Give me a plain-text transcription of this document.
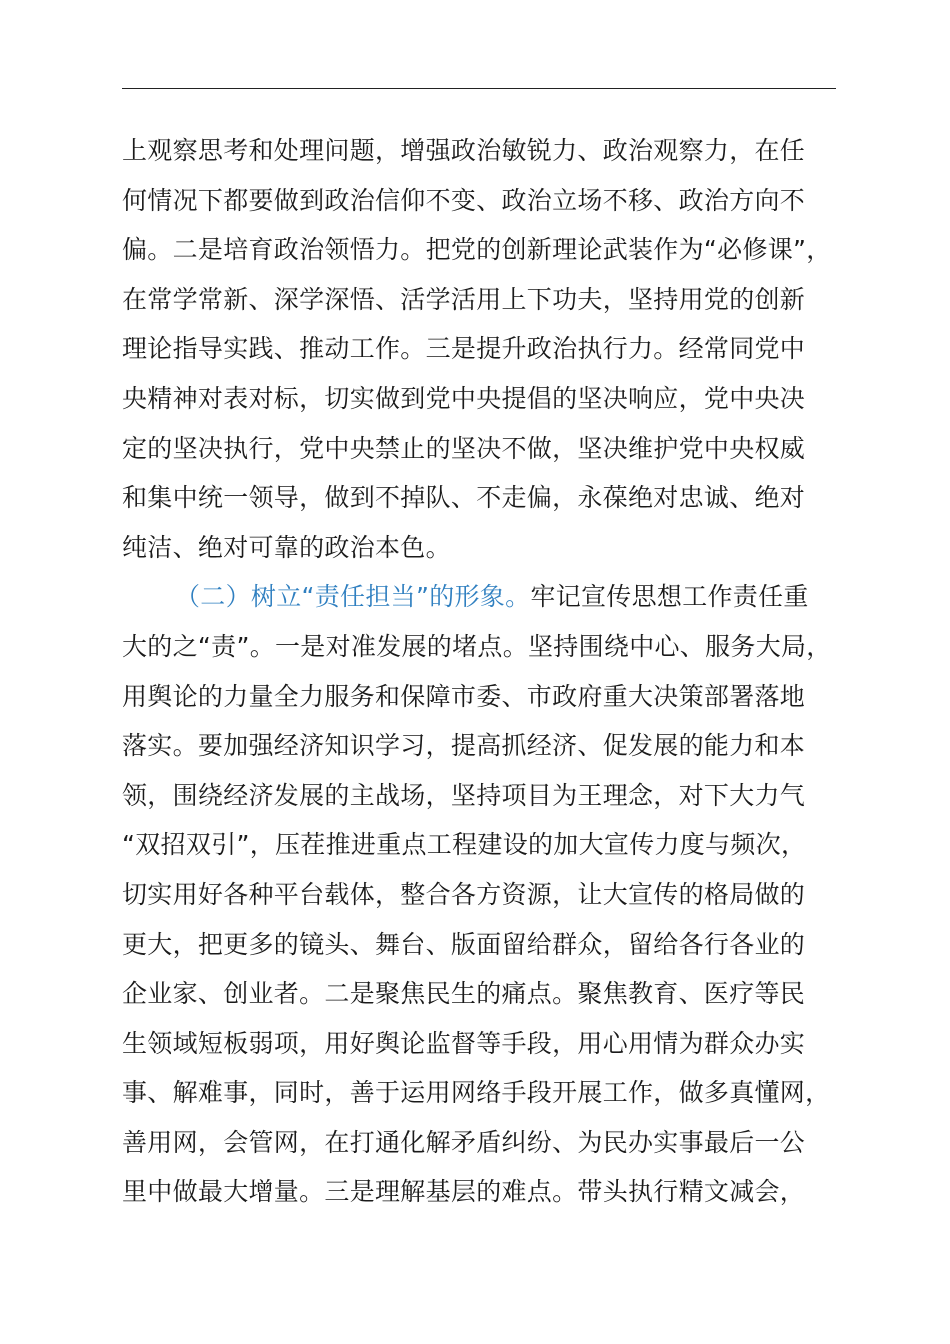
上观察思考和处理问题，增强政治敏锐力、政治观察力，在任
何情况下都要做到政治信仰不变、政治立场不移、政治方向不
偏。二是培育政治领悟力。把党的创新理论武装作为“必修课”，
在常学常新、深学深悟、活学活用上下功夫，坚持用党的创新
理论指导实践、推动工作。三是提升政治执行力。经常同党中
央精神对表对标，切实做到党中央提倡的坚决响应，党中央决
定的坚决执行，党中央禁止的坚决不做，坚决维护党中央权威
和集中统一领导，做到不掉队、不走偏，永葆绝对忠诚、绝对
纯洁、绝对可靠的政治本色。
（二）树立“责任担当”的形象。牢记宣传思想工作责任重
大的之“责”。一是对准发展的堵点。坚持围绕中心、服务大局，
用舆论的力量全力服务和保障市委、市政府重大决策部署落地
落实。要加强经济知识学习，提高抓经济、促发展的能力和本
领，围绕经济发展的主战场，坚持项目为王理念，对下大力气
“双招双引”，压茬推进重点工程建设的加大宣传力度与频次，
切实用好各种平台载体，整合各方资源，让大宣传的格局做的
更大，把更多的镜头、舞台、版面留给群众，留给各行各业的
企业家、创业者。二是聚焦民生的痛点。聚焦教育、医疗等民
生领域短板弱项，用好舆论监督等手段，用心用情为群众办实
事、解难事，同时，善于运用网络手段开展工作，做多真懂网，
善用网，会管网，在打通化解矛盾纠纷、为民办实事最后一公
里中做最大增量。三是理解基层的难点。带头执行精文减会，
